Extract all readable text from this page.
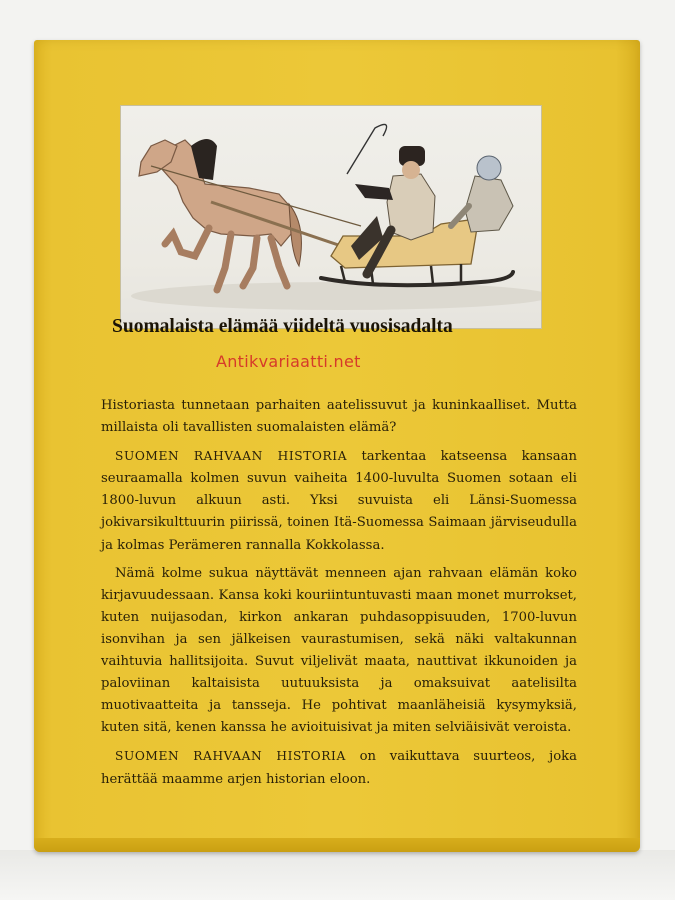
Suomalaista elämää viideltä vuosisadalta
Antikvariaatti.net

Historiasta tunnetaan parhaiten aatelissuvut ja kuninkaalliset. Mutta millaista oli tavallisten suomalaisten elämä?

SUOMEN RAHVAAN HISTORIA tarkentaa katseensa kansaan seuraamalla kolmen suvun vaiheita 1400-luvulta Suomen sotaan eli 1800-luvun alkuun asti. Yksi suvuista eli Länsi-Suomessa jokivarsikulttuurin piirissä, toinen Itä-Suomessa Saimaan järviseudulla ja kolmas Perämeren rannalla Kokkolassa.

Nämä kolme sukua näyttävät menneen ajan rahvaan elämän koko kirjavuudessaan. Kansa koki kouriintuntuvasti maan monet murrokset, kuten nuijasodan, kirkon ankaran puhdasoppisuuden, 1700-luvun isonvihan ja sen jälkeisen vaurastumisen, sekä näki valtakunnan vaihtuvia hallitsijoita. Suvut viljelivät maata, nauttivat ikkunoiden ja paloviinan kaltaisista uutuuksista ja omaksuivat aatelisilta muotivaatteita ja tansseja. He pohtivat maanläheisiä kysymyksiä, kuten sitä, kenen kanssa he avioituisivat ja miten selviäisivät veroista.

SUOMEN RAHVAAN HISTORIA on vaikuttava suurteos, joka herättää maamme arjen historian eloon.
